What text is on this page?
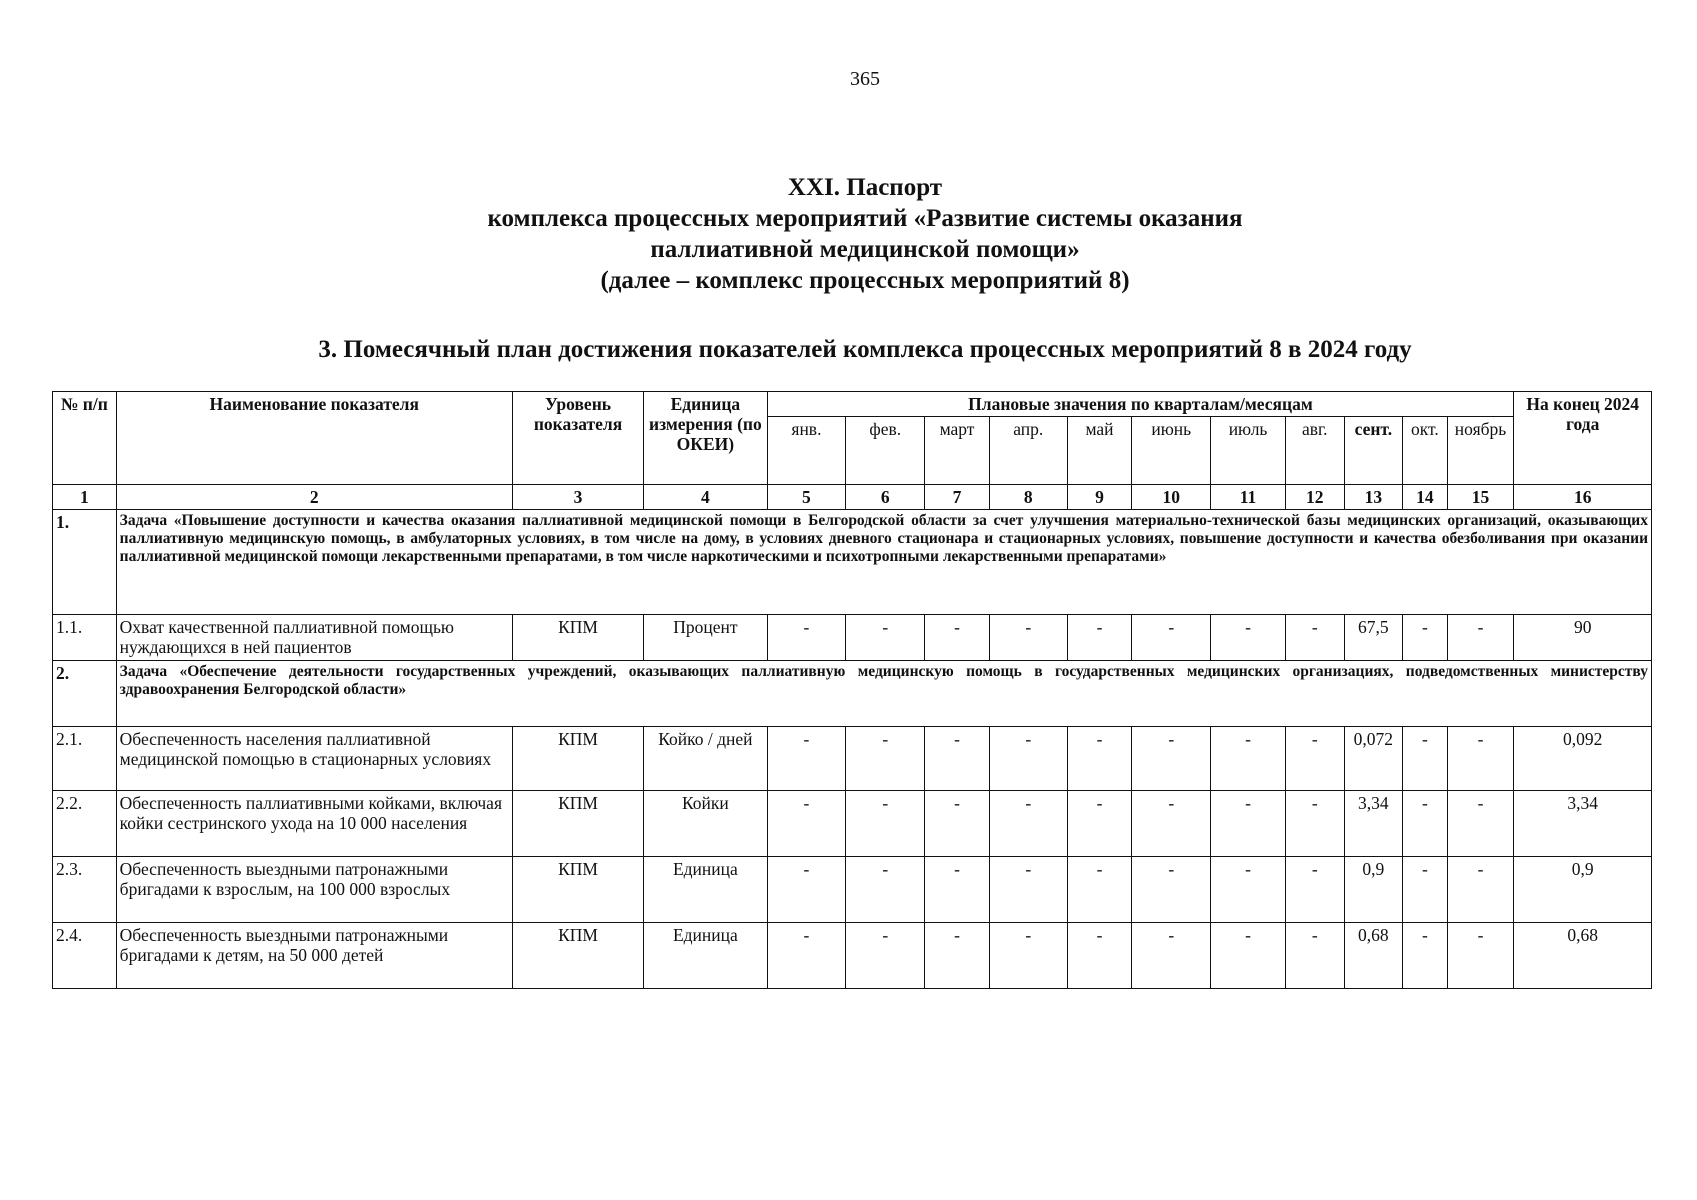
365
XXI. Паспорт
комплекса процессных мероприятий «Развитие системы оказания
паллиативной медицинской помощи»
(далее – комплекс процессных мероприятий 8)
3. Помесячный план достижения показателей комплекса процессных мероприятий 8 в 2024 году
№ п/п	Наименование показателя	Уровень показателя	Единица измерения (по ОКЕИ)	Плановые значения по кварталам/месяцам											На конец 2024 года
				янв.	фев.	март	апр.	май	июнь	июль	авг.	сент.	окт.	ноябрь	
1	2	3	4	5	6	7	8	9	10	11	12	13	14	15	16
1.	Задача «Повышение доступности и качества оказания паллиативной медицинской помощи в Белгородской области за счет улучшения материально-технической базы медицинских организаций, оказывающих паллиативную медицинскую помощь, в амбулаторных условиях, в том числе на дому, в условиях дневного стационара и стационарных условиях, повышение доступности и качества обезболивания при оказании паллиативной медицинской помощи лекарственными препаратами, в том числе наркотическими и психотропными лекарственными препаратами»														
1.1.	Охват качественной паллиативной помощью нуждающихся в ней пациентов	КПМ	Процент	-	-	-	-	-	-	-	-	67,5	-	-	90
2.	Задача «Обеспечение деятельности государственных учреждений, оказывающих паллиативную медицинскую помощь в государственных медицинских организациях, подведомственных министерству здравоохранения Белгородской области»														
2.1.	Обеспеченность населения паллиативной медицинской помощью в стационарных условиях	КПМ	Койко / дней	-	-	-	-	-	-	-	-	0,072	-	-	0,092
2.2.	Обеспеченность паллиативными койками, включая койки сестринского ухода на 10 000 населения	КПМ	Койки	-	-	-	-	-	-	-	-	3,34	-	-	3,34
2.3.	Обеспеченность выездными патронажными бригадами к взрослым, на 100 000 взрослых	КПМ	Единица	-	-	-	-	-	-	-	-	0,9	-	-	0,9
2.4.	Обеспеченность выездными патронажными бригадами к детям, на 50 000 детей	КПМ	Единица	-	-	-	-	-	-	-	-	0,68	-	-	0,68
